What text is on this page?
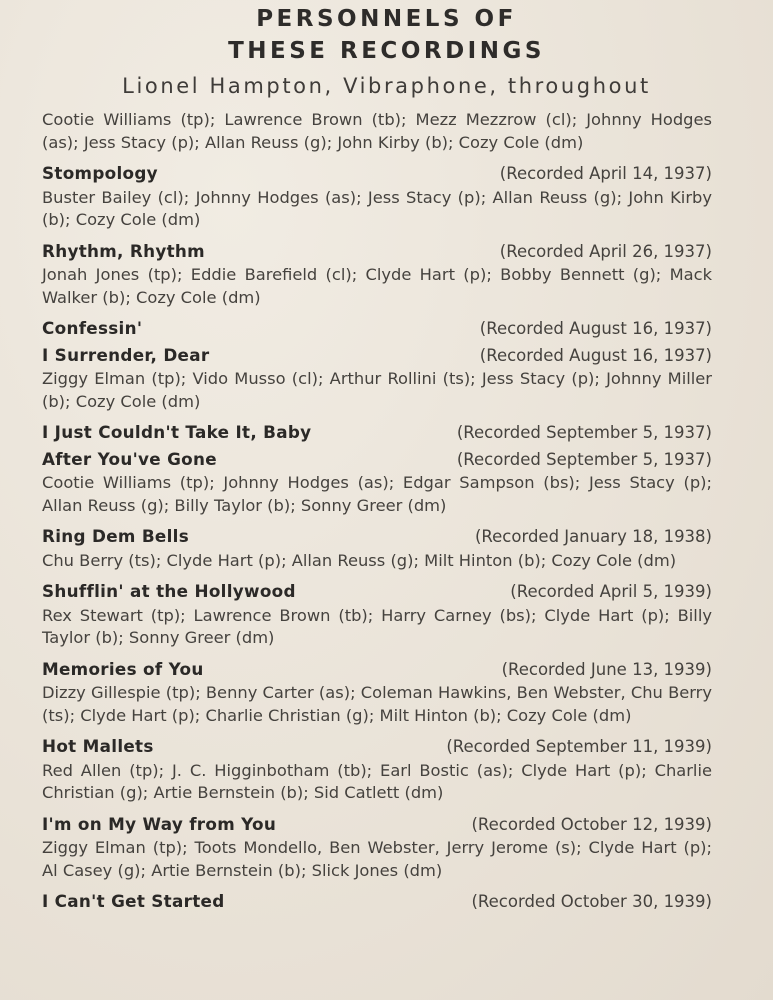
PERSONNELS OF
THESE RECORDINGS
Lionel Hampton, Vibraphone, throughout

Cootie Williams (tp); Lawrence Brown (tb); Mezz Mezzrow (cl); Johnny Hodges (as); Jess Stacy (p); Allan Reuss (g); John Kirby (b); Cozy Cole (dm)

Stompology	(Recorded April 14, 1937)

Buster Bailey (cl); Johnny Hodges (as); Jess Stacy (p); Allan Reuss (g); John Kirby (b); Cozy Cole (dm)

Rhythm, Rhythm	(Recorded April 26, 1937)

Jonah Jones (tp); Eddie Barefield (cl); Clyde Hart (p); Bobby Bennett (g); Mack Walker (b); Cozy Cole (dm)

Confessin'	(Recorded August 16, 1937)
I Surrender, Dear	(Recorded August 16, 1937)

Ziggy Elman (tp); Vido Musso (cl); Arthur Rollini (ts); Jess Stacy (p); Johnny Miller (b); Cozy Cole (dm)

I Just Couldn't Take It, Baby	(Recorded September 5, 1937)
After You've Gone	(Recorded September 5, 1937)

Cootie Williams (tp); Johnny Hodges (as); Edgar Sampson (bs); Jess Stacy (p); Allan Reuss (g); Billy Taylor (b); Sonny Greer (dm)

Ring Dem Bells	(Recorded January 18, 1938)

Chu Berry (ts); Clyde Hart (p); Allan Reuss (g); Milt Hinton (b); Cozy Cole (dm)

Shufflin' at the Hollywood	(Recorded April 5, 1939)

Rex Stewart (tp); Lawrence Brown (tb); Harry Carney (bs); Clyde Hart (p); Billy Taylor (b); Sonny Greer (dm)

Memories of You	(Recorded June 13, 1939)

Dizzy Gillespie (tp); Benny Carter (as); Coleman Hawkins, Ben Webster, Chu Berry (ts); Clyde Hart (p); Charlie Christian (g); Milt Hinton (b); Cozy Cole (dm)

Hot Mallets	(Recorded September 11, 1939)

Red Allen (tp); J. C. Higginbotham (tb); Earl Bostic (as); Clyde Hart (p); Charlie Christian (g); Artie Bernstein (b); Sid Catlett (dm)

I'm on My Way from You	(Recorded October 12, 1939)

Ziggy Elman (tp); Toots Mondello, Ben Webster, Jerry Jerome (s); Clyde Hart (p); Al Casey (g); Artie Bernstein (b); Slick Jones (dm)

I Can't Get Started	(Recorded October 30, 1939)
